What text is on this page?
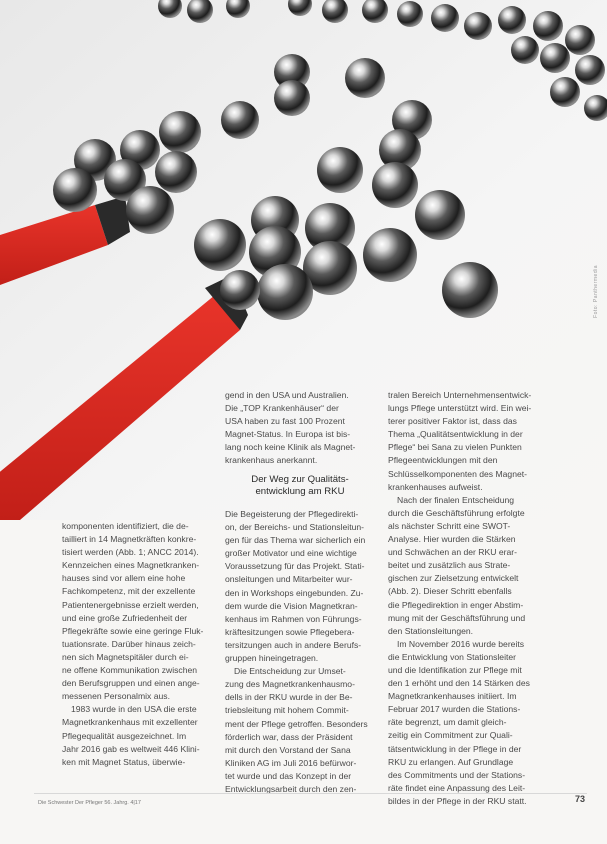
Foto: Panthermedia

komponenten identifiziert, die de-

tailliert in 14 Magnetkräften konkre-

tisiert werden (Abb. 1; ANCC 2014).

Kennzeichen eines Magnetkranken-

hauses sind vor allem eine hohe

Fachkompetenz, mit der exzellente

Patientenergebnisse erzielt werden,

und eine große Zufriedenheit der

Pflegekräfte sowie eine geringe Fluk-

tuationsrate. Darüber hinaus zeich-

nen sich Magnetspitäler durch ei-

ne offene Kommunikation zwischen

den Berufsgruppen und einen ange-

messenen Personalmix aus.

1983 wurde in den USA die erste

Magnetkrankenhaus mit exzellenter

Pflegequalität ausgezeichnet. Im

Jahr 2016 gab es weltweit 446 Klini-

ken mit Magnet Status, überwie-

gend in den USA und Australien.

Die „TOP Krankenhäuser“ der

USA haben zu fast 100 Prozent

Magnet-Status. In Europa ist bis-

lang noch keine Klinik als Magnet-

krankenhaus anerkannt.

Der Weg zur Qualitäts-
entwicklung am RKU

Die Begeisterung der Pflegedirekti-

on, der Bereichs- und Stationsleitun-

gen für das Thema war sicherlich ein

großer Motivator und eine wichtige

Voraussetzung für das Projekt. Stati-

onsleitungen und Mitarbeiter wur-

den in Workshops eingebunden. Zu-

dem wurde die Vision Magnetkran-

kenhaus im Rahmen von Führungs-

kräftesitzungen sowie Pflegebera-

tersitzungen auch in andere Berufs-

gruppen hineingetragen.

Die Entscheidung zur Umset-

zung des Magnetkrankenhausmo-

dells in der RKU wurde in der Be-

triebsleitung mit hohem Commit-

ment der Pflege getroffen. Besonders

förderlich war, dass der Präsident

mit durch den Vorstand der Sana

Kliniken AG im Juli 2016 befürwor-

tet wurde und das Konzept in der

Entwicklungsarbeit durch den zen-

tralen Bereich Unternehmensentwick-

lungs Pflege unterstützt wird. Ein wei-

terer positiver Faktor ist, dass das

Thema „Qualitätsentwicklung in der

Pflege“ bei Sana zu vielen Punkten

Pflegeentwicklungen mit den

Schlüsselkomponenten des Magnet-

krankenhauses aufweist.

Nach der finalen Entscheidung

durch die Geschäftsführung erfolgte

als nächster Schritt eine SWOT-

Analyse. Hier wurden die Stärken

und Schwächen an der RKU erar-

beitet und zusätzlich aus Strate-

gischen zur Zielsetzung entwickelt

(Abb. 2). Dieser Schritt ebenfalls

die Pflegedirektion in enger Abstim-

mung mit der Geschäftsführung und

den Stationsleitungen.

Im November 2016 wurde bereits

die Entwicklung von Stationsleiter

und die Identifikation zur Pflege mit

den 1 erhöht und den 14 Stärken des

Magnetkrankenhauses initiiert. Im

Februar 2017 wurden die Stations-

räte begrenzt, um damit gleich-

zeitig ein Commitment zur Quali-

tätsentwicklung in der Pflege in der

RKU zu erlangen. Auf Grundlage

des Commitments und der Stations-

räte findet eine Anpassung des Leit-

bildes in der Pflege in der RKU statt.

Die Schwester Der Pfleger 56. Jahrg. 4|17	73
